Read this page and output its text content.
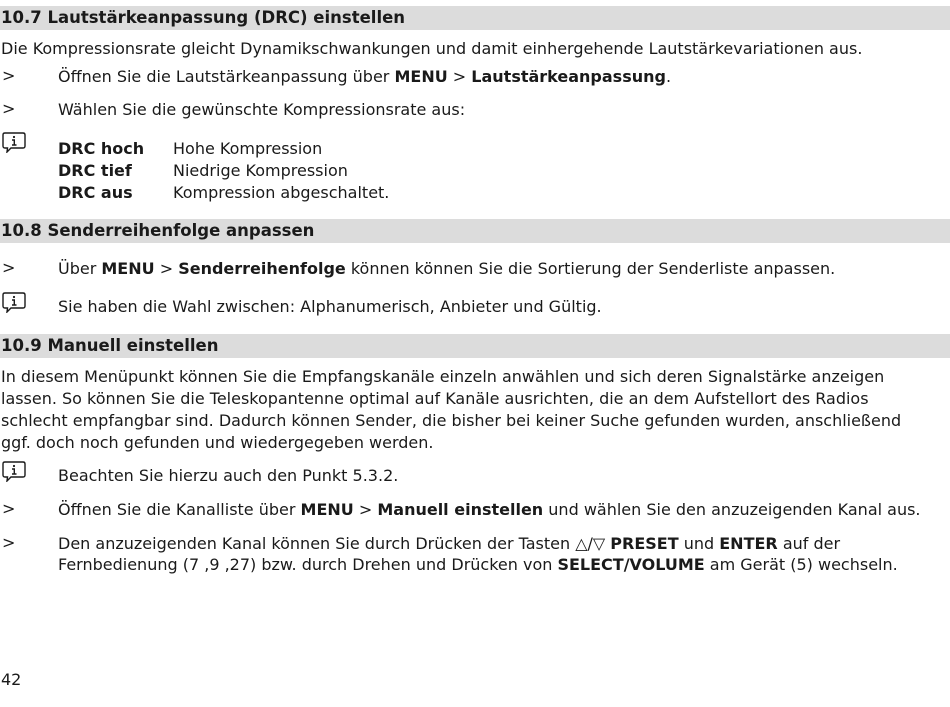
10.7 Lautstärkeanpassung (DRC) einstellen
Die Kompressionsrate gleicht Dynamikschwankungen und damit einhergehende Lautstärkevariationen aus.
>	Öffnen Sie die Lautstärkeanpassung über MENU > Lautstärkeanpassung.
>	Wählen Sie die gewünschte Kompressionsrate aus:
DRC hoch Hohe Kompression
DRC tief	Niedrige Kompression
DRC aus	Kompression abgeschaltet.
10.8 Senderreihenfolge anpassen
>	Über MENU > Senderreihenfolge können können Sie die Sortierung der Senderliste anpassen.
Sie haben die Wahl zwischen: Alphanumerisch, Anbieter und Gültig.
10.9 Manuell einstellen
In diesem Menüpunkt können Sie die Empfangskanäle einzeln anwählen und sich deren Signalstärke anzeigen
lassen. So können Sie die Teleskopantenne optimal auf Kanäle ausrichten, die an dem Aufstellort des Radios
schlecht empfangbar sind. Dadurch können Sender, die bisher bei keiner Suche gefunden wurden, anschließend
ggf. doch noch gefunden und wiedergegeben werden.
Beachten Sie hierzu auch den Punkt 5.3.2.
>	Öffnen Sie die Kanalliste über MENU > Manuell einstellen und wählen Sie den anzuzeigenden Kanal aus.
>	Den anzuzeigenden Kanal können Sie durch Drücken der Tasten △/▽ PRESET und ENTER auf der
Fernbedienung (7 ,9 ,27) bzw. durch Drehen und Drücken von SELECT/VOLUME am Gerät (5) wechseln.
42
